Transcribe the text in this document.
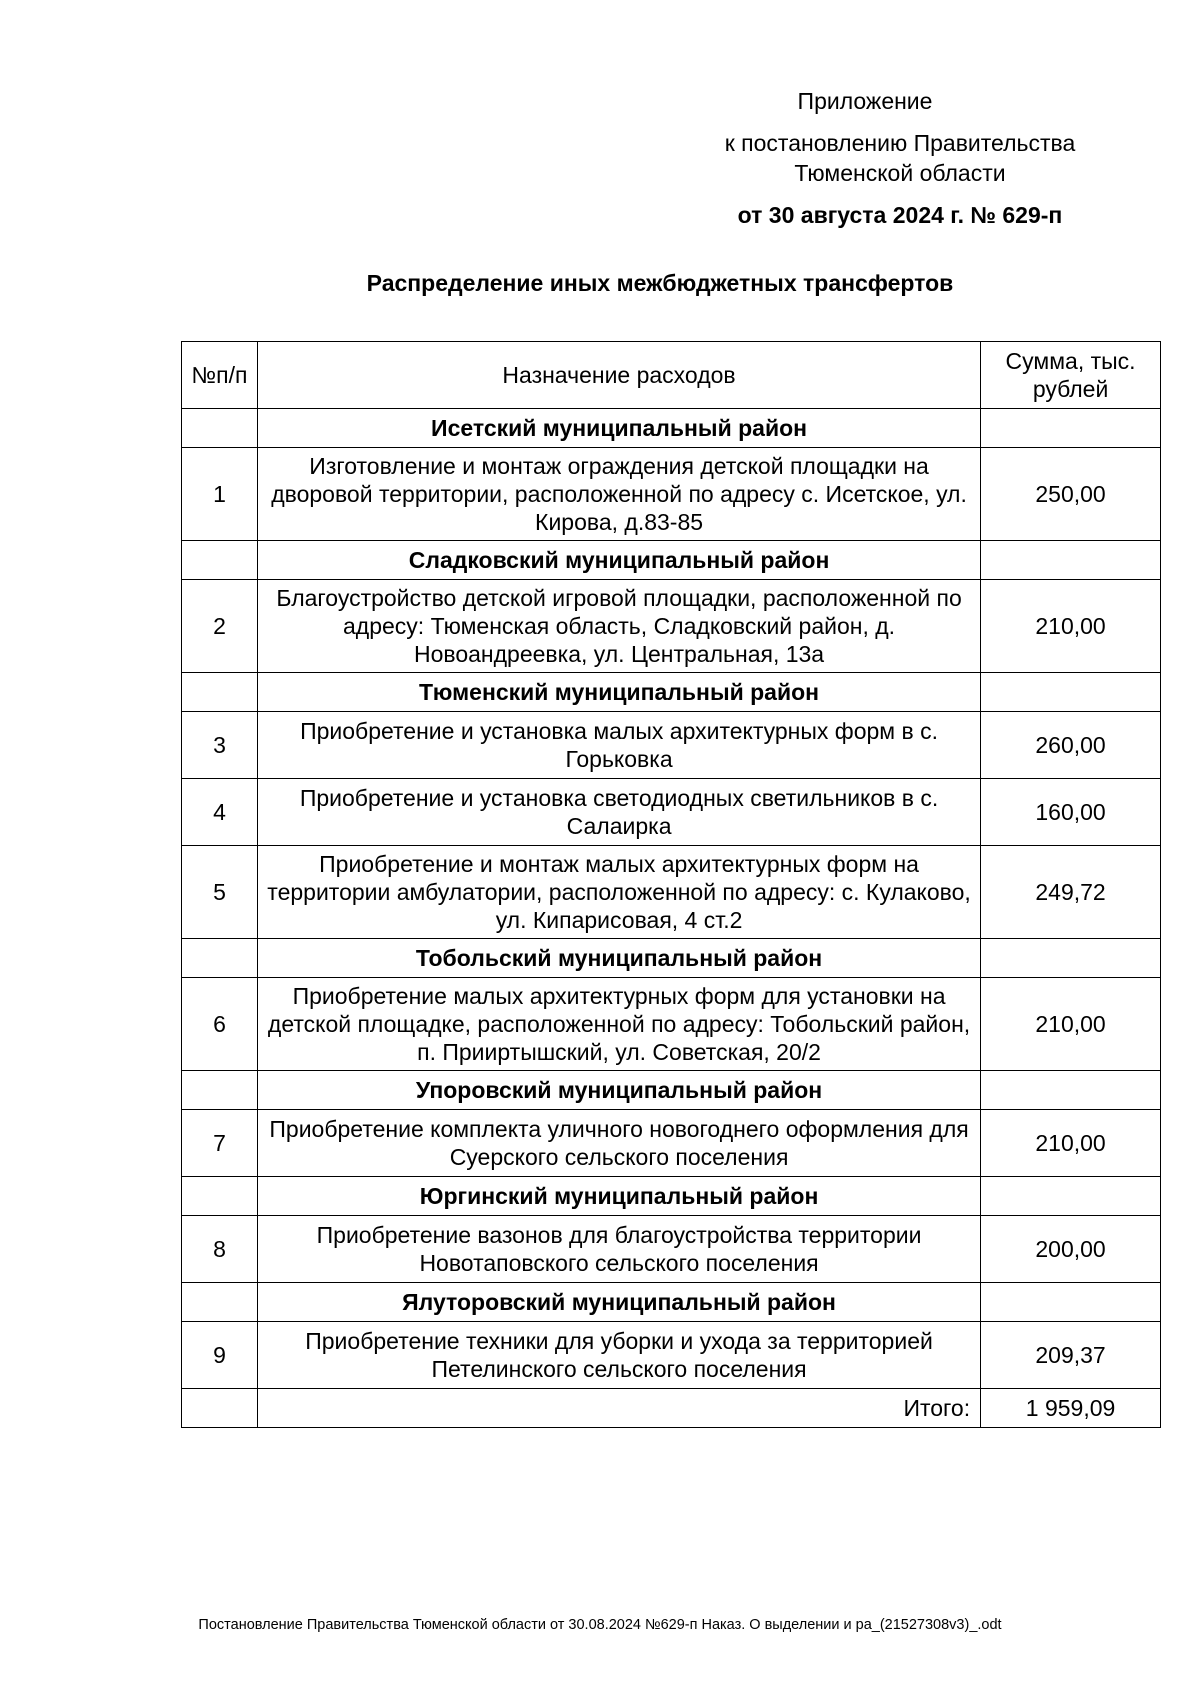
Приложение
к постановлению Правительства
Тюменской области
от 30 августа 2024 г. № 629-п
Распределение иных межбюджетных трансфертов
№п/п	Назначение расходов	Сумма, тыс. рублей
	Исетский муниципальный район	
1	Изготовление и монтаж ограждения детской площадки на дворовой территории, расположенной по адресу с. Исетское, ул. Кирова, д.83-85	250,00
	Сладковский муниципальный район	
2	Благоустройство детской игровой площадки, расположенной по адресу: Тюменская область, Сладковский район, д. Новоандреевка, ул. Центральная, 13а	210,00
	Тюменский муниципальный район	
3	Приобретение и установка малых архитектурных форм в с. Горьковка	260,00
4	Приобретение и установка светодиодных светильников в с. Салаирка	160,00
5	Приобретение и монтаж малых архитектурных форм на территории амбулатории, расположенной по адресу: с. Кулаково, ул. Кипарисовая, 4 ст.2	249,72
	Тобольский муниципальный район	
6	Приобретение малых архитектурных форм для установки на детской площадке, расположенной по адресу: Тобольский район, п. Прииртышский, ул. Советская, 20/2	210,00
	Упоровский муниципальный район	
7	Приобретение комплекта уличного новогоднего оформления для Суерского сельского поселения	210,00
	Юргинский муниципальный район	
8	Приобретение вазонов для благоустройства территории Новотаповского сельского поселения	200,00
	Ялуторовский муниципальный район	
9	Приобретение техники для уборки и ухода за территорией Петелинского сельского поселения	209,37
	Итого:	1 959,09
Постановление Правительства Тюменской области от 30.08.2024 №629-п Наказ. О выделении и ра_(21527308v3)_.odt
